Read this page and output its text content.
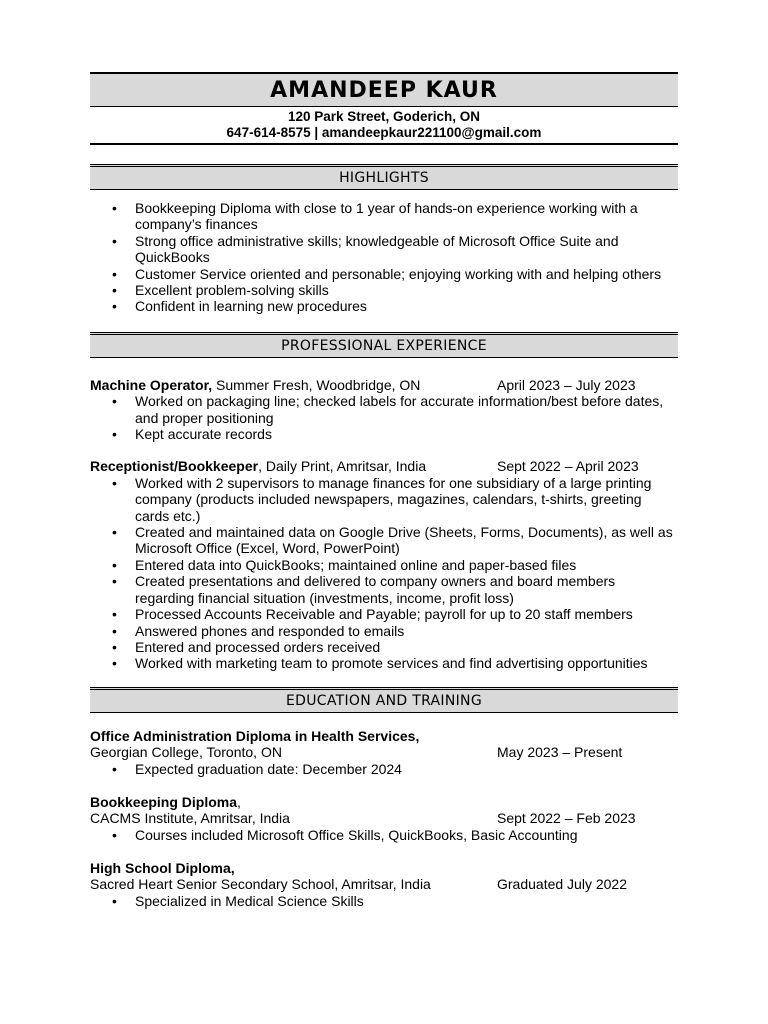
AMANDEEP KAUR
120 Park Street, Goderich, ON
647-614-8575 | amandeepkaur221100@gmail.com
HIGHLIGHTS
• Bookkeeping Diploma with close to 1 year of hands-on experience working with a company’s finances
• Strong office administrative skills; knowledgeable of Microsoft Office Suite and QuickBooks
• Customer Service oriented and personable; enjoying working with and helping others
• Excellent problem-solving skills
• Confident in learning new procedures
PROFESSIONAL EXPERIENCE
Machine Operator, Summer Fresh, Woodbridge, ON	April 2023 – July 2023
• Worked on packaging line; checked labels for accurate information/best before dates, and proper positioning
• Kept accurate records
Receptionist/Bookkeeper, Daily Print, Amritsar, India	Sept 2022 – April 2023
• Worked with 2 supervisors to manage finances for one subsidiary of a large printing company (products included newspapers, magazines, calendars, t-shirts, greeting cards etc.)
• Created and maintained data on Google Drive (Sheets, Forms, Documents), as well as Microsoft Office (Excel, Word, PowerPoint)
• Entered data into QuickBooks; maintained online and paper-based files
• Created presentations and delivered to company owners and board members regarding financial situation (investments, income, profit loss)
• Processed Accounts Receivable and Payable; payroll for up to 20 staff members
• Answered phones and responded to emails
• Entered and processed orders received
• Worked with marketing team to promote services and find advertising opportunities
EDUCATION AND TRAINING
Office Administration Diploma in Health Services,
Georgian College, Toronto, ON	May 2023 – Present
• Expected graduation date: December 2024
Bookkeeping Diploma,
CACMS Institute, Amritsar, India	Sept 2022 – Feb 2023
• Courses included Microsoft Office Skills, QuickBooks, Basic Accounting
High School Diploma,
Sacred Heart Senior Secondary School, Amritsar, India	Graduated July 2022
• Specialized in Medical Science Skills
